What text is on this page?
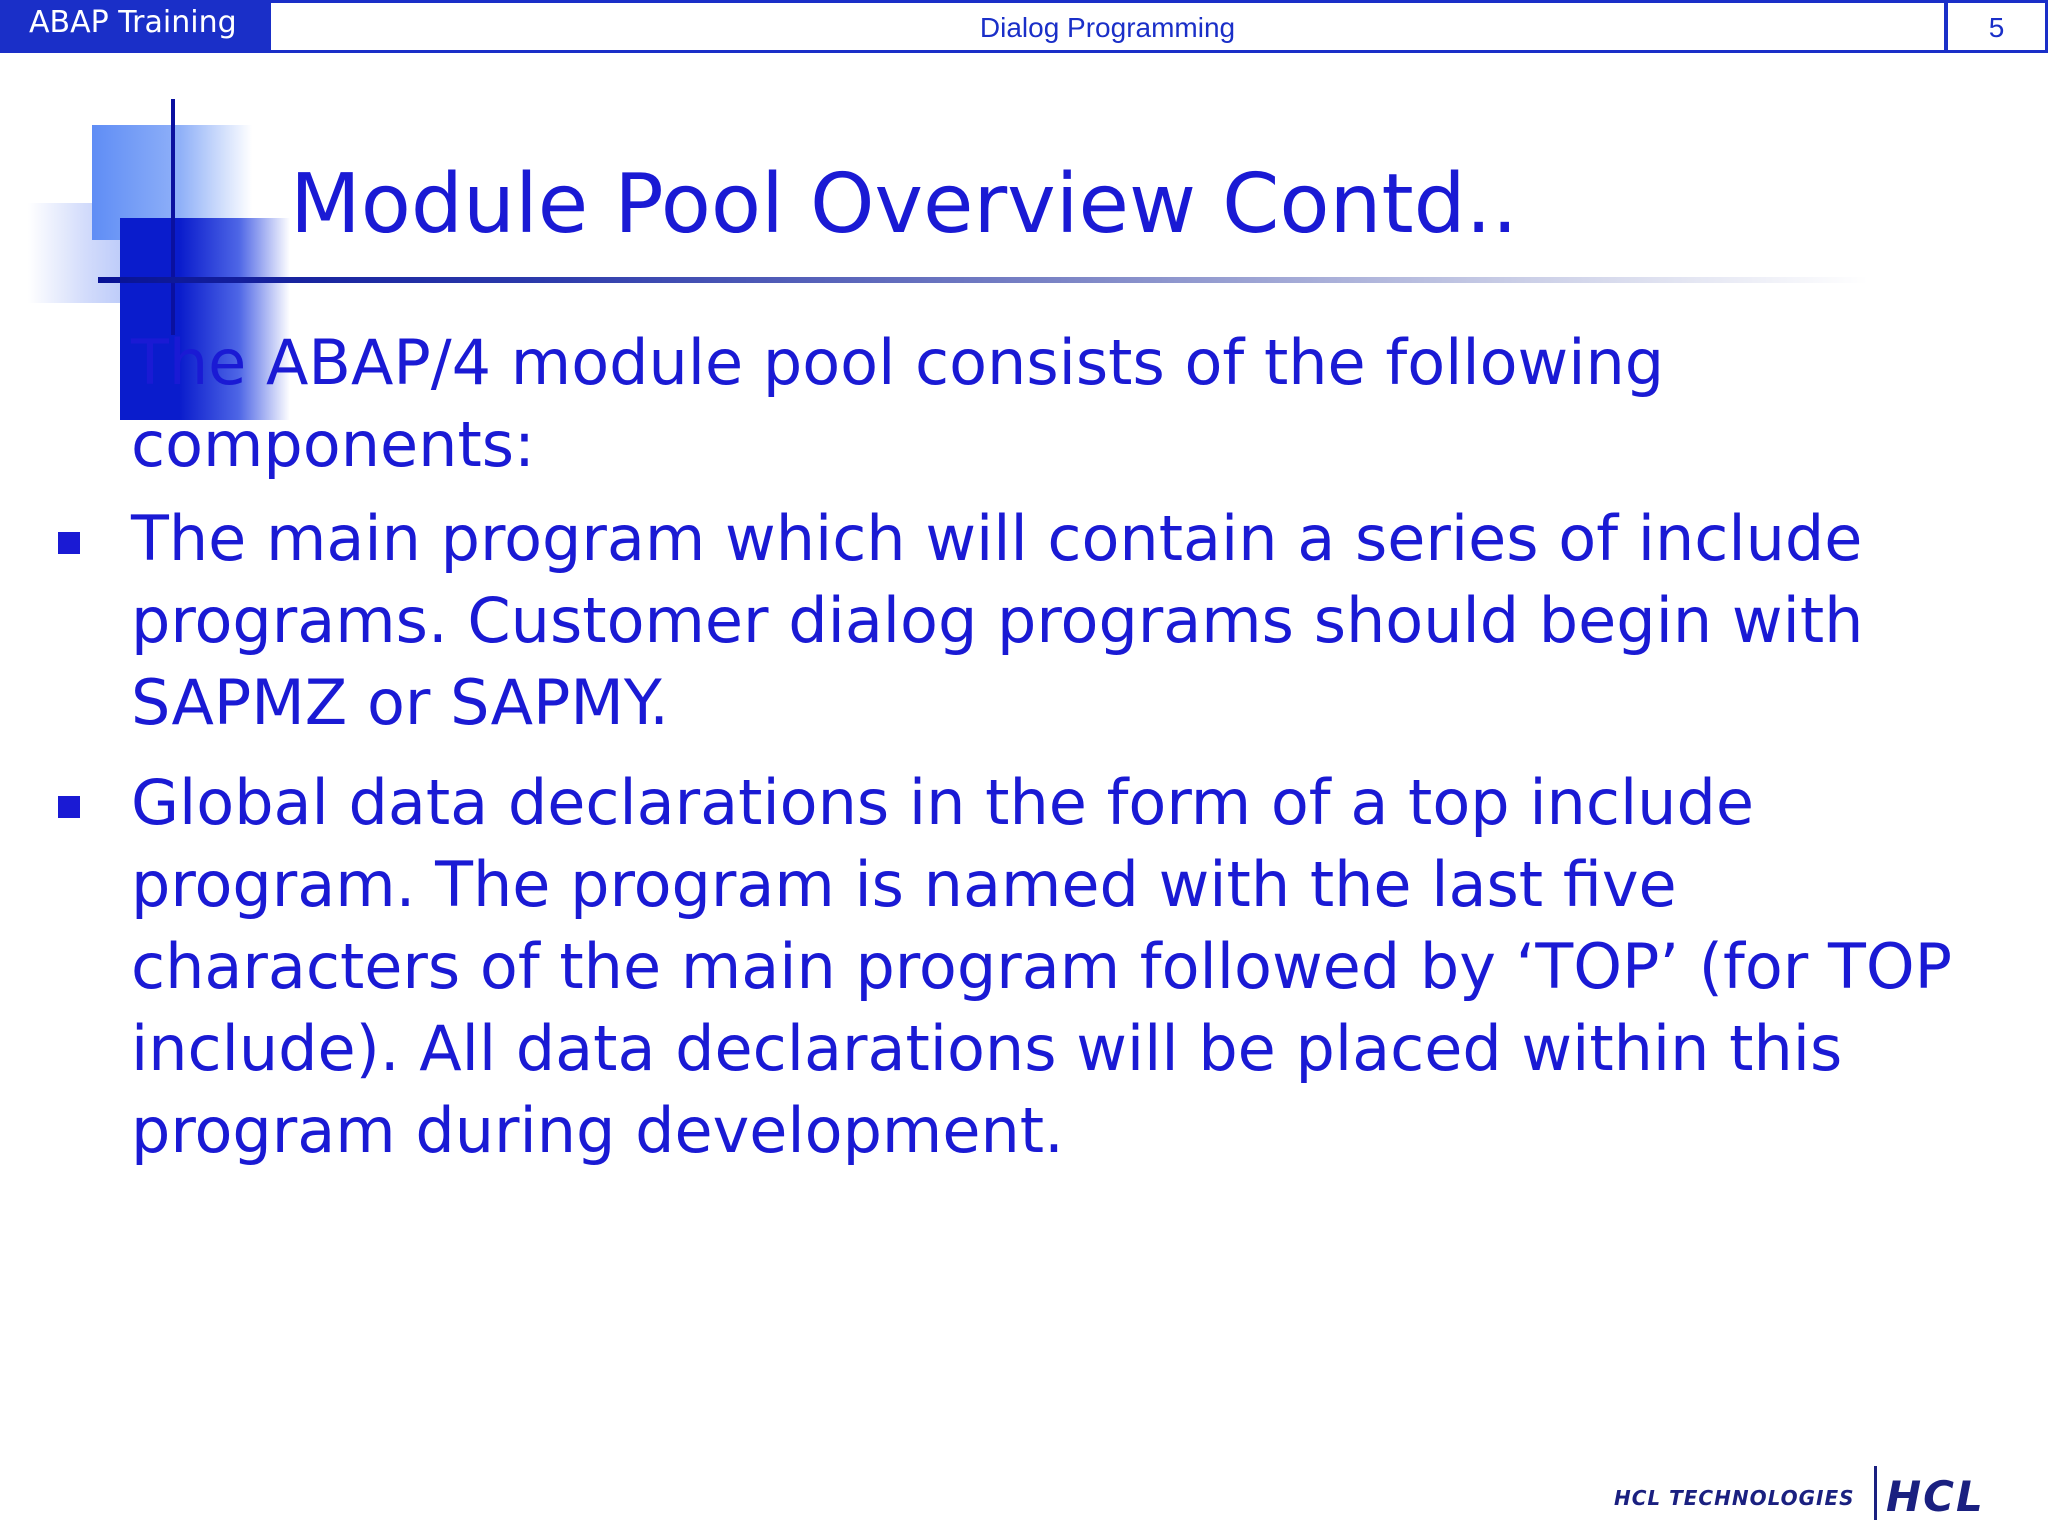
ABAP Training	Dialog Programming	5
Module Pool Overview Contd..

The ABAP/4 module pool consists of the following components:

The main program which will contain a series of include programs. Customer dialog programs should begin with SAPMZ or SAPMY.
Global data declarations in the form of a top include program. The program is named with the last five characters of the main program followed by ‘TOP’ (for TOP include). All data declarations will be placed within this program during development.
HCL TECHNOLOGIES HCL
